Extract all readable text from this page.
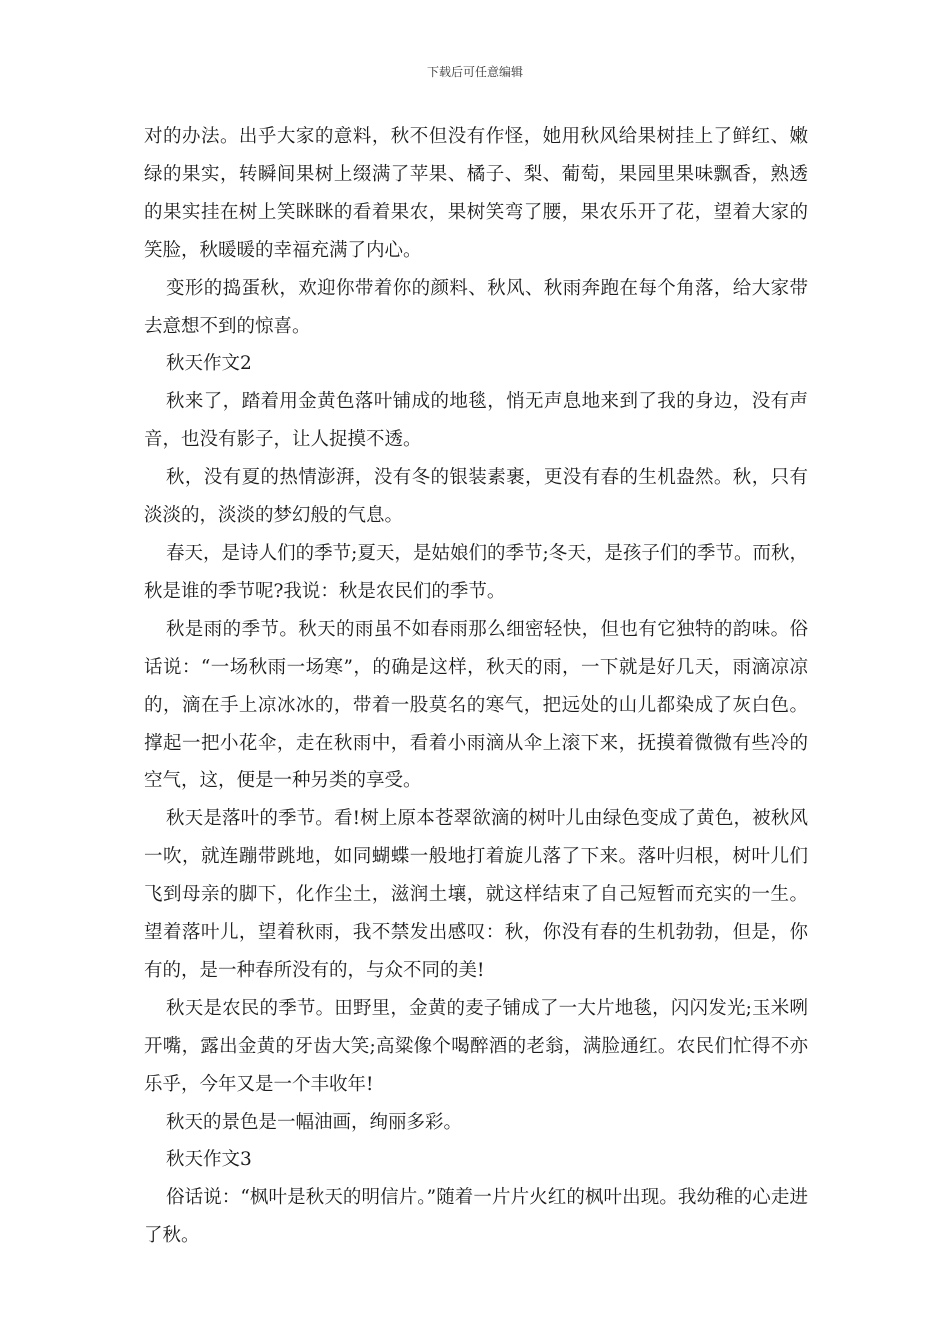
下载后可任意编辑

对的办法。出乎大家的意料，秋不但没有作怪，她用秋风给果树挂上了鲜红、嫩绿的果实，转瞬间果树上缀满了苹果、橘子、梨、葡萄，果园里果味飘香，熟透的果实挂在树上笑眯眯的看着果农，果树笑弯了腰，果农乐开了花，望着大家的笑脸，秋暖暖的幸福充满了内心。

变形的捣蛋秋，欢迎你带着你的颜料、秋风、秋雨奔跑在每个角落，给大家带去意想不到的惊喜。

秋天作文2

秋来了，踏着用金黄色落叶铺成的地毯，悄无声息地来到了我的身边，没有声音，也没有影子，让人捉摸不透。

秋，没有夏的热情澎湃，没有冬的银装素裹，更没有春的生机盎然。秋，只有淡淡的，淡淡的梦幻般的气息。

春天，是诗人们的季节;夏天，是姑娘们的季节;冬天，是孩子们的季节。而秋，秋是谁的季节呢?我说：秋是农民们的季节。

秋是雨的季节。秋天的雨虽不如春雨那么细密轻快，但也有它独特的韵味。俗话说：“一场秋雨一场寒”，的确是这样，秋天的雨，一下就是好几天，雨滴凉凉的，滴在手上凉冰冰的，带着一股莫名的寒气，把远处的山儿都染成了灰白色。撑起一把小花伞，走在秋雨中，看着小雨滴从伞上滚下来，抚摸着微微有些冷的空气，这，便是一种另类的享受。

秋天是落叶的季节。看!树上原本苍翠欲滴的树叶儿由绿色变成了黄色，被秋风一吹，就连蹦带跳地，如同蝴蝶一般地打着旋儿落了下来。落叶归根，树叶儿们飞到母亲的脚下，化作尘土，滋润土壤，就这样结束了自己短暂而充实的一生。望着落叶儿，望着秋雨，我不禁发出感叹：秋，你没有春的生机勃勃，但是，你有的，是一种春所没有的，与众不同的美!

秋天是农民的季节。田野里，金黄的麦子铺成了一大片地毯，闪闪发光;玉米咧开嘴，露出金黄的牙齿大笑;高粱像个喝醉酒的老翁，满脸通红。农民们忙得不亦乐乎，今年又是一个丰收年!

秋天的景色是一幅油画，绚丽多彩。

秋天作文3

俗话说：“枫叶是秋天的明信片。”随着一片片火红的枫叶出现。我幼稚的心走进了秋。
